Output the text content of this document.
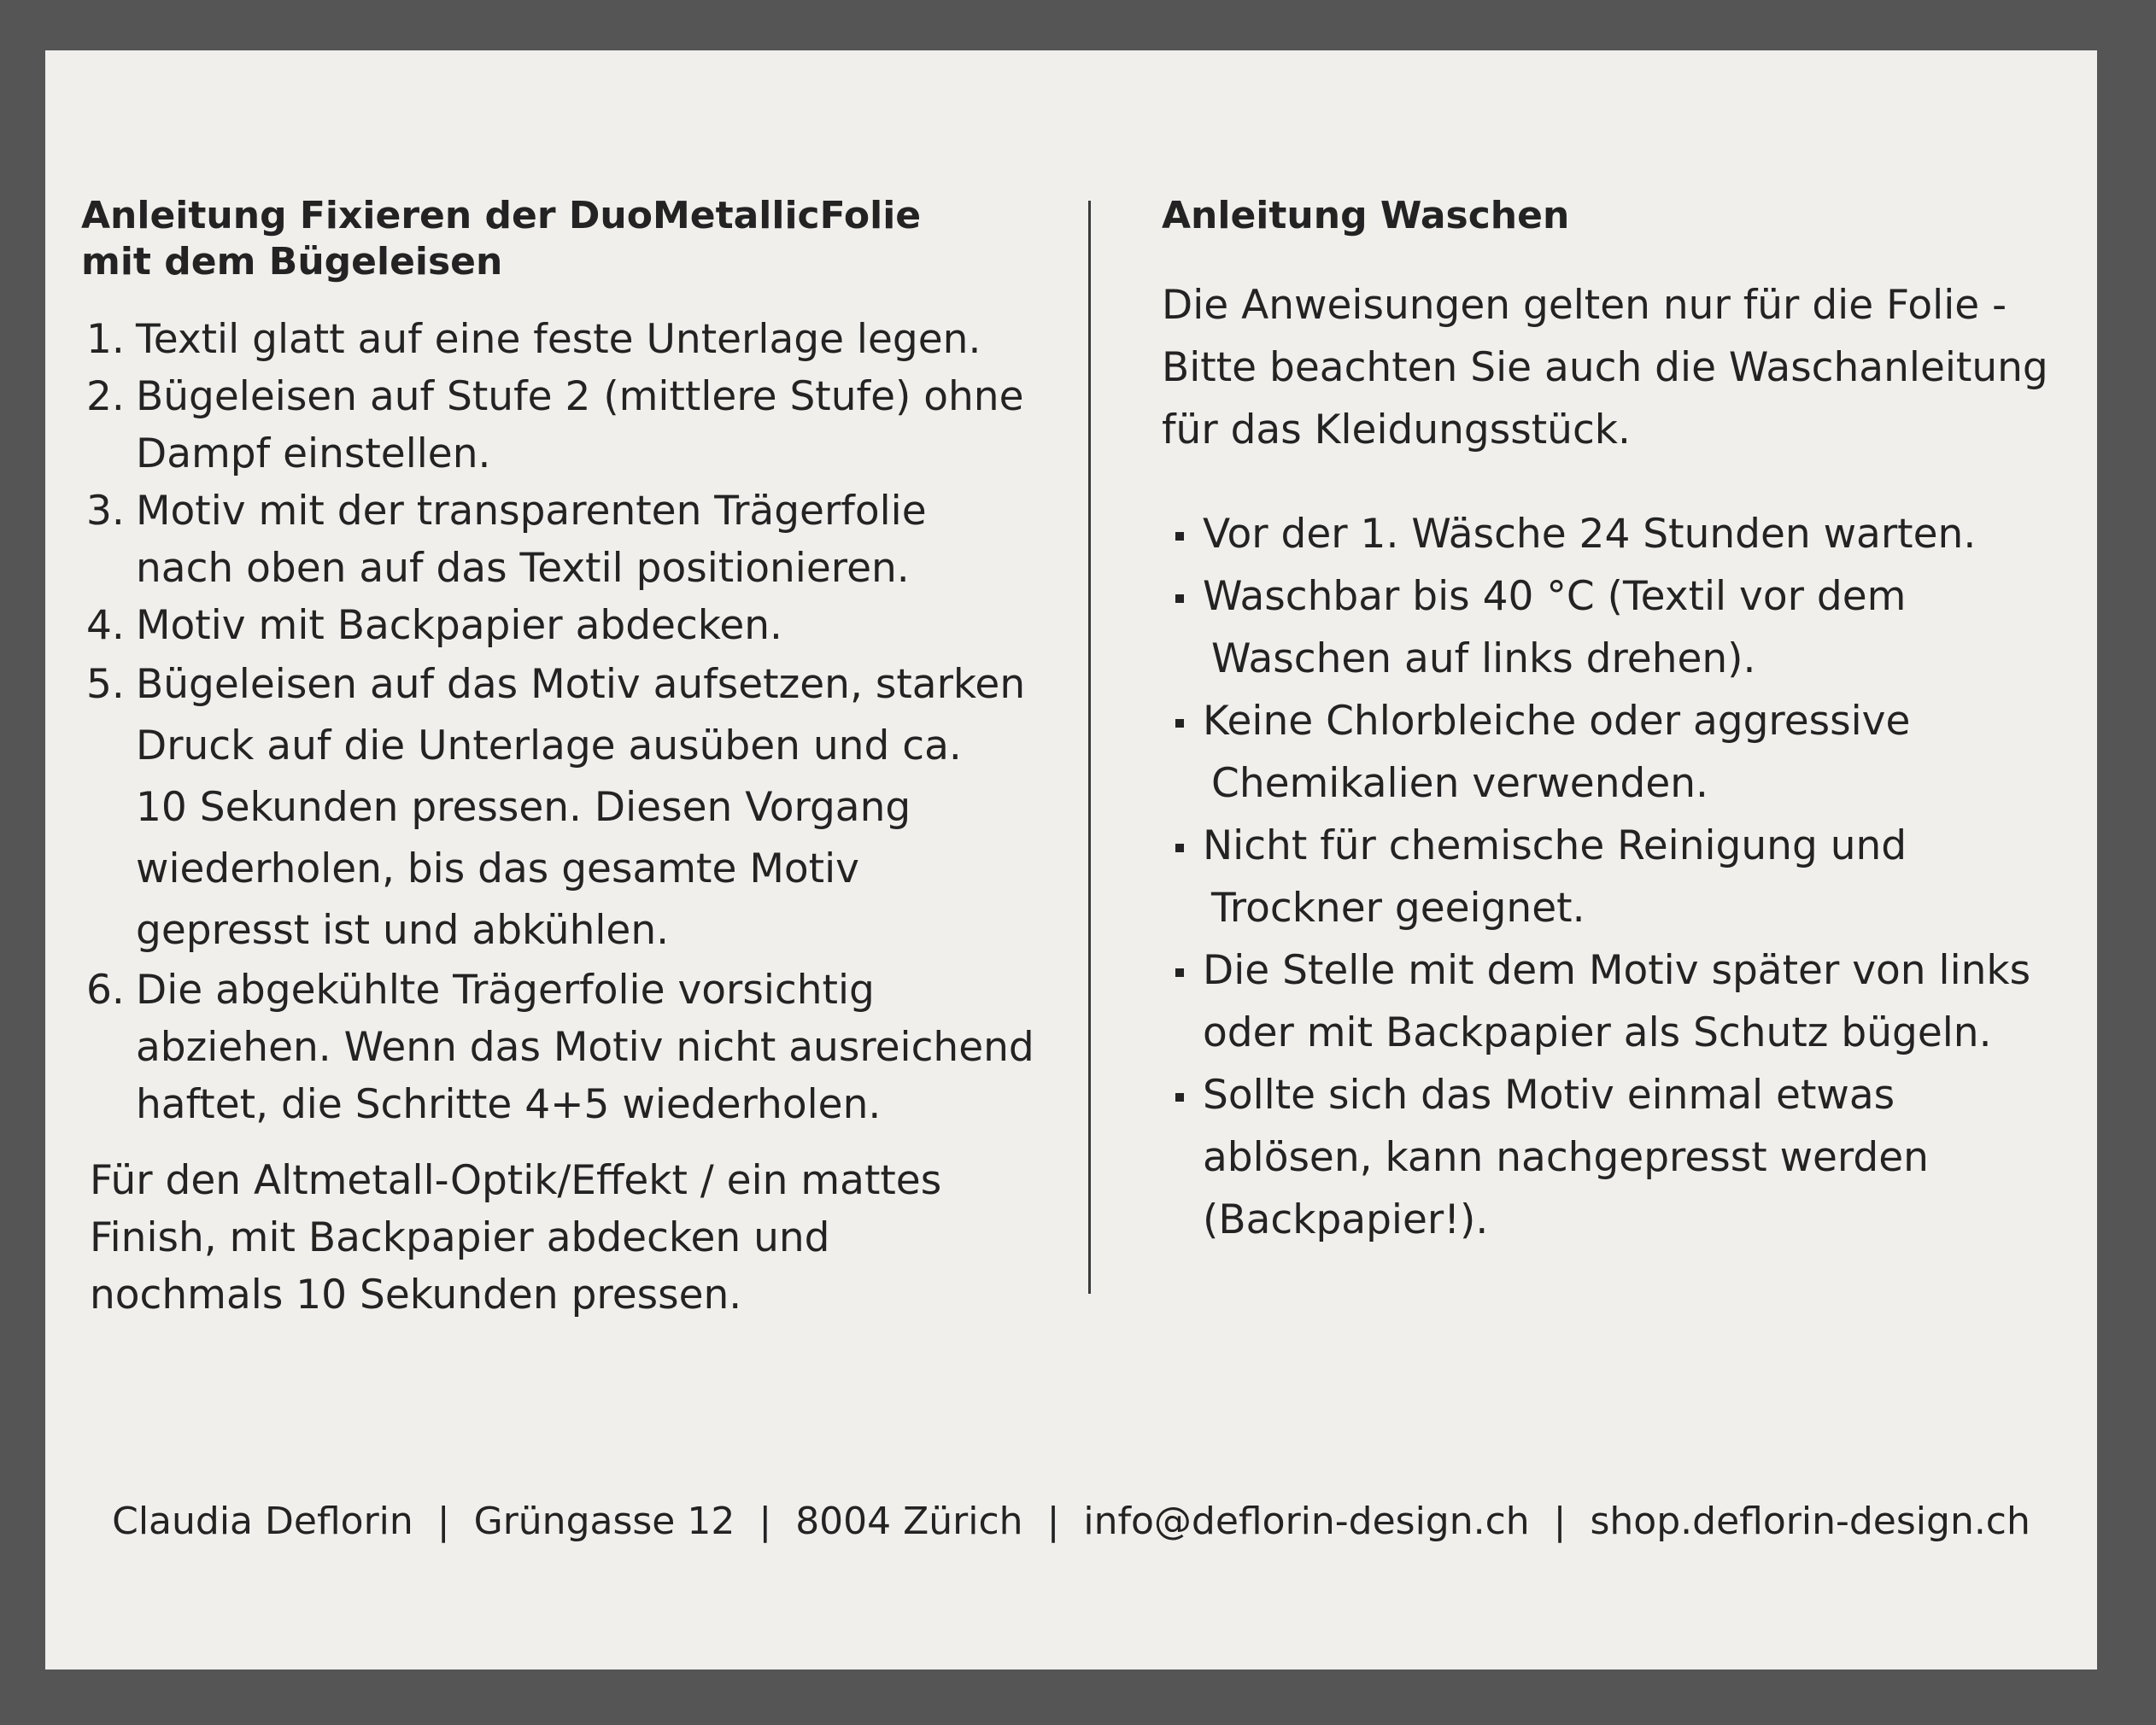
Anleitung Fixieren der DuoMetallicFolie
mit dem Bügeleisen
1. Textil glatt auf eine feste Unterlage legen.
2. Bügeleisen auf Stufe 2 (mittlere Stufe) ohne
Dampf einstellen.
3. Motiv mit der transparenten Trägerfolie
nach oben auf das Textil positionieren.
4. Motiv mit Backpapier abdecken.
5. Bügeleisen auf das Motiv aufsetzen, starken
Druck auf die Unterlage ausüben und ca.
10 Sekunden pressen. Diesen Vorgang
wiederholen, bis das gesamte Motiv
gepresst ist und abkühlen.
6. Die abgekühlte Trägerfolie vorsichtig
abziehen. Wenn das Motiv nicht ausreichend
haftet, die Schritte 4+5 wiederholen.

Für den Altmetall-Optik/Effekt / ein mattes
Finish, mit Backpapier abdecken und
nochmals 10 Sekunden pressen.

Anleitung Waschen

Die Anweisungen gelten nur für die Folie -
Bitte beachten Sie auch die Waschanleitung
für das Kleidungsstück.

Vor der 1. Wäsche 24 Stunden warten.
Waschbar bis 40 °C (Textil vor dem
Waschen auf links drehen).
Keine Chlorbleiche oder aggressive
Chemikalien verwenden.
Nicht für chemische Reinigung und
Trockner geeignet.
Die Stelle mit dem Motiv später von links
oder mit Backpapier als Schutz bügeln.
Sollte sich das Motiv einmal etwas
ablösen, kann nachgepresst werden
(Backpapier!).
Claudia Deflorin | Grüngasse 12 | 8004 Zürich | info@deflorin-design.ch | shop.deflorin-design.ch
